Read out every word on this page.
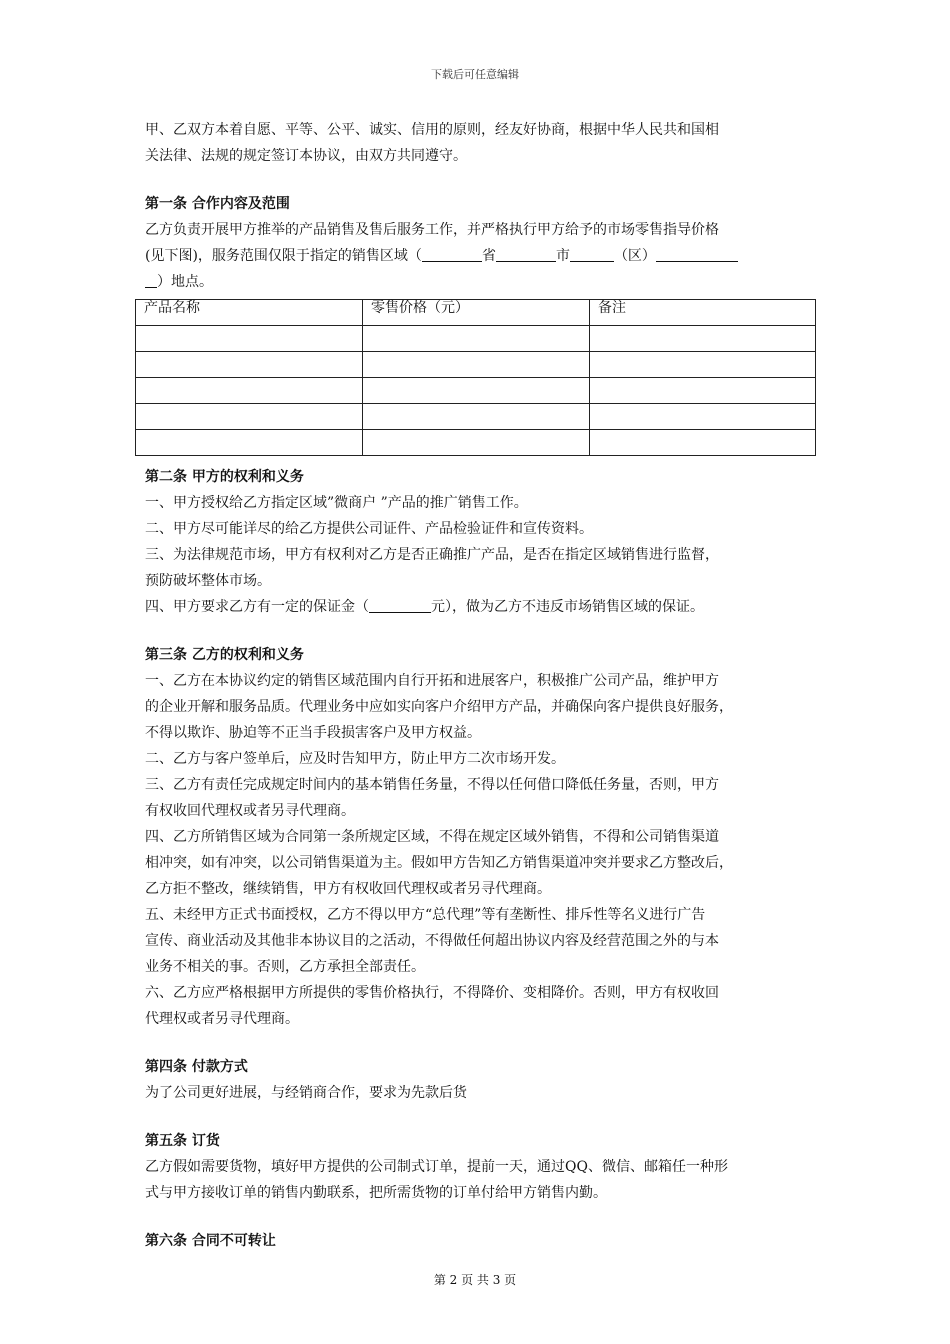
下载后可任意编辑

甲、乙双方本着自愿、平等、公平、诚实、信用的原则，经友好协商，根据中华人民共和国相

关法律、法规的规定签订本协议，由双方共同遵守。

第一条 合作内容及范围

乙方负责开展甲方推举的产品销售及售后服务工作，并严格执行甲方给予的市场零售指导价格

(见下图)，服务范围仅限于指定的销售区域（	省	市	（区）

）地点。

产品名称	零售价格（元）	备注

第二条 甲方的权利和义务

一、甲方授权给乙方指定区域”微商户 ”产品的推广销售工作。

二、甲方尽可能详尽的给乙方提供公司证件、产品检验证件和宣传资料。

三、为法律规范市场，甲方有权利对乙方是否正确推广产品，是否在指定区域销售进行监督，

预防破坏整体市场。

四、甲方要求乙方有一定的保证金（	元），做为乙方不违反市场销售区域的保证。

第三条 乙方的权利和义务

一、乙方在本协议约定的销售区域范围内自行开拓和进展客户，积极推广公司产品，维护甲方

的企业开解和服务品质。代理业务中应如实向客户介绍甲方产品，并确保向客户提供良好服务，

不得以欺诈、胁迫等不正当手段损害客户及甲方权益。

二、乙方与客户签单后，应及时告知甲方，防止甲方二次市场开发。

三、乙方有责任完成规定时间内的基本销售任务量，不得以任何借口降低任务量，否则，甲方

有权收回代理权或者另寻代理商。

四、乙方所销售区域为合同第一条所规定区域，不得在规定区域外销售，不得和公司销售渠道

相冲突，如有冲突，以公司销售渠道为主。假如甲方告知乙方销售渠道冲突并要求乙方整改后，

乙方拒不整改，继续销售，甲方有权收回代理权或者另寻代理商。

五、未经甲方正式书面授权，乙方不得以甲方“总代理”等有垄断性、排斥性等名义进行广告

宣传、商业活动及其他非本协议目的之活动，不得做任何超出协议内容及经营范围之外的与本

业务不相关的事。否则，乙方承担全部责任。

六、乙方应严格根据甲方所提供的零售价格执行，不得降价、变相降价。否则，甲方有权收回

代理权或者另寻代理商。

第四条 付款方式

为了公司更好进展，与经销商合作，要求为先款后货

第五条 订货

乙方假如需要货物，填好甲方提供的公司制式订单，提前一天，通过QQ、微信、邮箱任一种形

式与甲方接收订单的销售内勤联系，把所需货物的订单付给甲方销售内勤。

第六条 合同不可转让

第 2 页 共 3 页
